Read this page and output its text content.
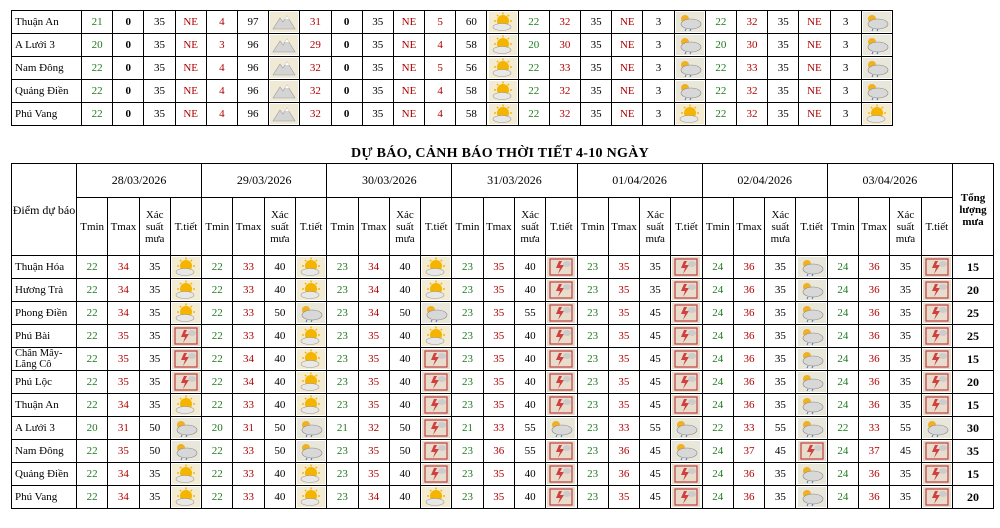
Thuận An	21	0	35	NE	4	97		31	0	35	NE	5	60		22	32	35	NE	3		22	32	35	NE	3	
A Lưới 3	20	0	35	NE	3	96		29	0	35	NE	4	58		20	30	35	NE	3		20	30	35	NE	3	
Nam Đông	22	0	35	NE	4	96		32	0	35	NE	5	56		22	33	35	NE	3		22	33	35	NE	3	
Quảng Điền	22	0	35	NE	4	96		32	0	35	NE	4	58		22	32	35	NE	3		22	32	35	NE	3	
Phú Vang	22	0	35	NE	4	96		32	0	35	NE	4	58		22	32	35	NE	3		22	32	35	NE	3	
DỰ BÁO, CẢNH BÁO THỜI TIẾT 4-10 NGÀY
Điểm dự báo	28/03/2026				29/03/2026				30/03/2026				31/03/2026				01/04/2026				02/04/2026				03/04/2026				Tổng lượng mưa
	Tmin	Tmax	Xác suất mưa	T.tiết	Tmin	Tmax	Xác suất mưa	T.tiết	Tmin	Tmax	Xác suất mưa	T.tiết	Tmin	Tmax	Xác suất mưa	T.tiết	Tmin	Tmax	Xác suất mưa	T.tiết	Tmin	Tmax	Xác suất mưa	T.tiết	Tmin	Tmax	Xác suất mưa	T.tiết	
Thuận Hóa	22	34	35		22	33	40		23	34	40		23	35	40		23	35	35		24	36	35		24	36	35		15
Hương Trà	22	34	35		22	33	40		23	34	40		23	35	40		23	35	35		24	36	35		24	36	35		20
Phong Điền	22	34	35		22	33	50		23	34	50		23	35	55		23	35	45		24	36	35		24	36	35		25
Phú Bài	22	35	35		22	33	40		23	35	40		23	35	40		23	35	45		24	36	35		24	36	35		25
Chân Mây-Lăng Cô	22	35	35		22	34	40		23	35	40		23	35	40		23	35	45		24	36	35		24	36	35		15
Phú Lộc	22	35	35		22	34	40		23	35	40		23	35	40		23	35	45		24	36	35		24	36	35		20
Thuận An	22	34	35		22	33	40		23	35	40		23	35	40		23	35	45		24	36	35		24	36	35		15
A Lưới 3	20	31	50		20	31	50		21	32	50		21	33	55		23	33	55		22	33	55		22	33	55		30
Nam Đông	22	35	50		22	33	50		23	35	50		23	36	55		23	36	45		24	37	45		24	37	45		35
Quảng Điền	22	34	35		22	33	40		23	35	40		23	35	40		23	36	45		24	36	35		24	36	35		15
Phú Vang	22	34	35		22	33	40		23	34	40		23	35	40		23	35	45		24	36	35		24	36	35		20
